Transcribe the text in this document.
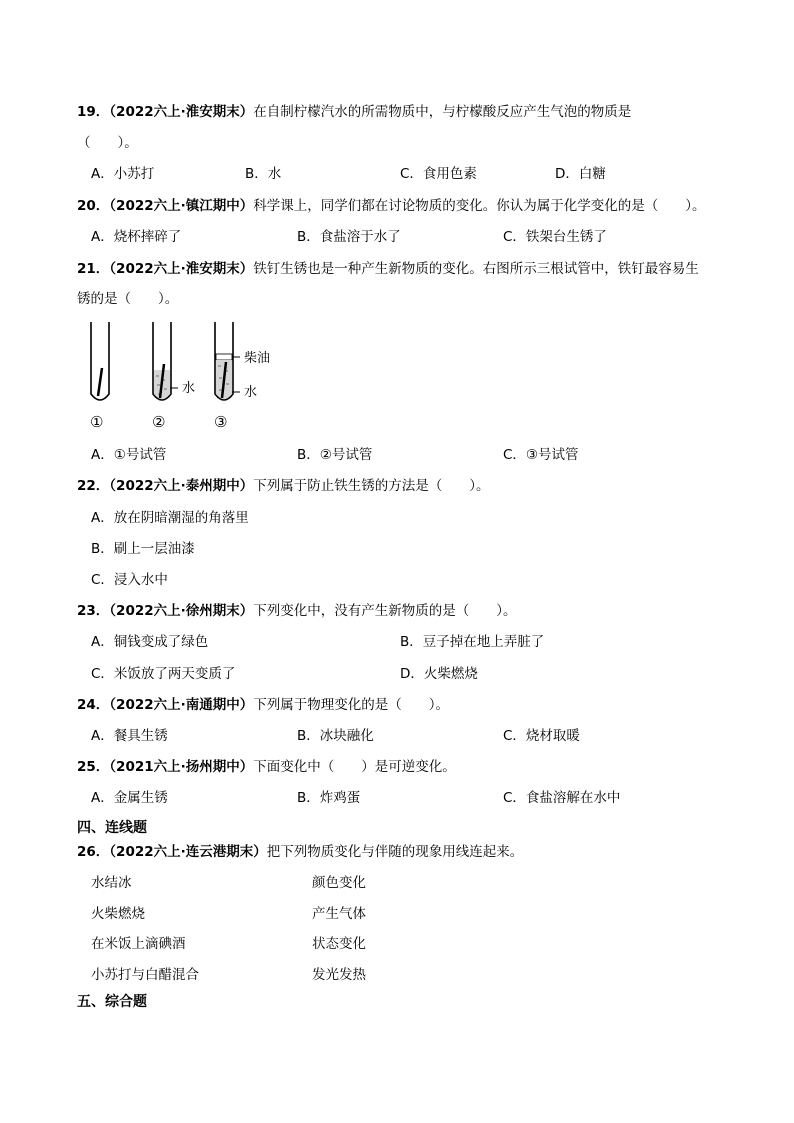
19．（2022六上·淮安期末）在自制柠檬汽水的所需物质中，与柠檬酸反应产生气泡的物质是
（　　）。
A．小苏打	B．水	C．食用色素	D．白糖
20．（2022六上·镇江期中）科学课上，同学们都在讨论物质的变化。你认为属于化学变化的是（　　）。
A．烧杯摔碎了	B．食盐溶于水了	C．铁架台生锈了
21．（2022六上·淮安期末）铁钉生锈也是一种产生新物质的变化。右图所示三根试管中，铁钉最容易生
锈的是（　　）。
水
柴油
水
①	②	③
A．①号试管	B．②号试管	C．③号试管
22．（2022六上·泰州期中）下列属于防止铁生锈的方法是（　　）。
A．放在阴暗潮湿的角落里
B．刷上一层油漆
C．浸入水中
23．（2022六上·徐州期末）下列变化中，没有产生新物质的是（　　）。
A．铜钱变成了绿色	B．豆子掉在地上弄脏了
C．米饭放了两天变质了	D．火柴燃烧
24．（2022六上·南通期中）下列属于物理变化的是（　　）。
A．餐具生锈	B．冰块融化	C．烧材取暖
25．（2021六上·扬州期中）下面变化中（　　）是可逆变化。
A．金属生锈	B．炸鸡蛋	C．食盐溶解在水中
四、连线题
26．（2022六上·连云港期末）把下列物质变化与伴随的现象用线连起来。
水结冰
火柴燃烧
在米饭上滴碘酒
小苏打与白醋混合
颜色变化
产生气体
状态变化
发光发热
五、综合题
